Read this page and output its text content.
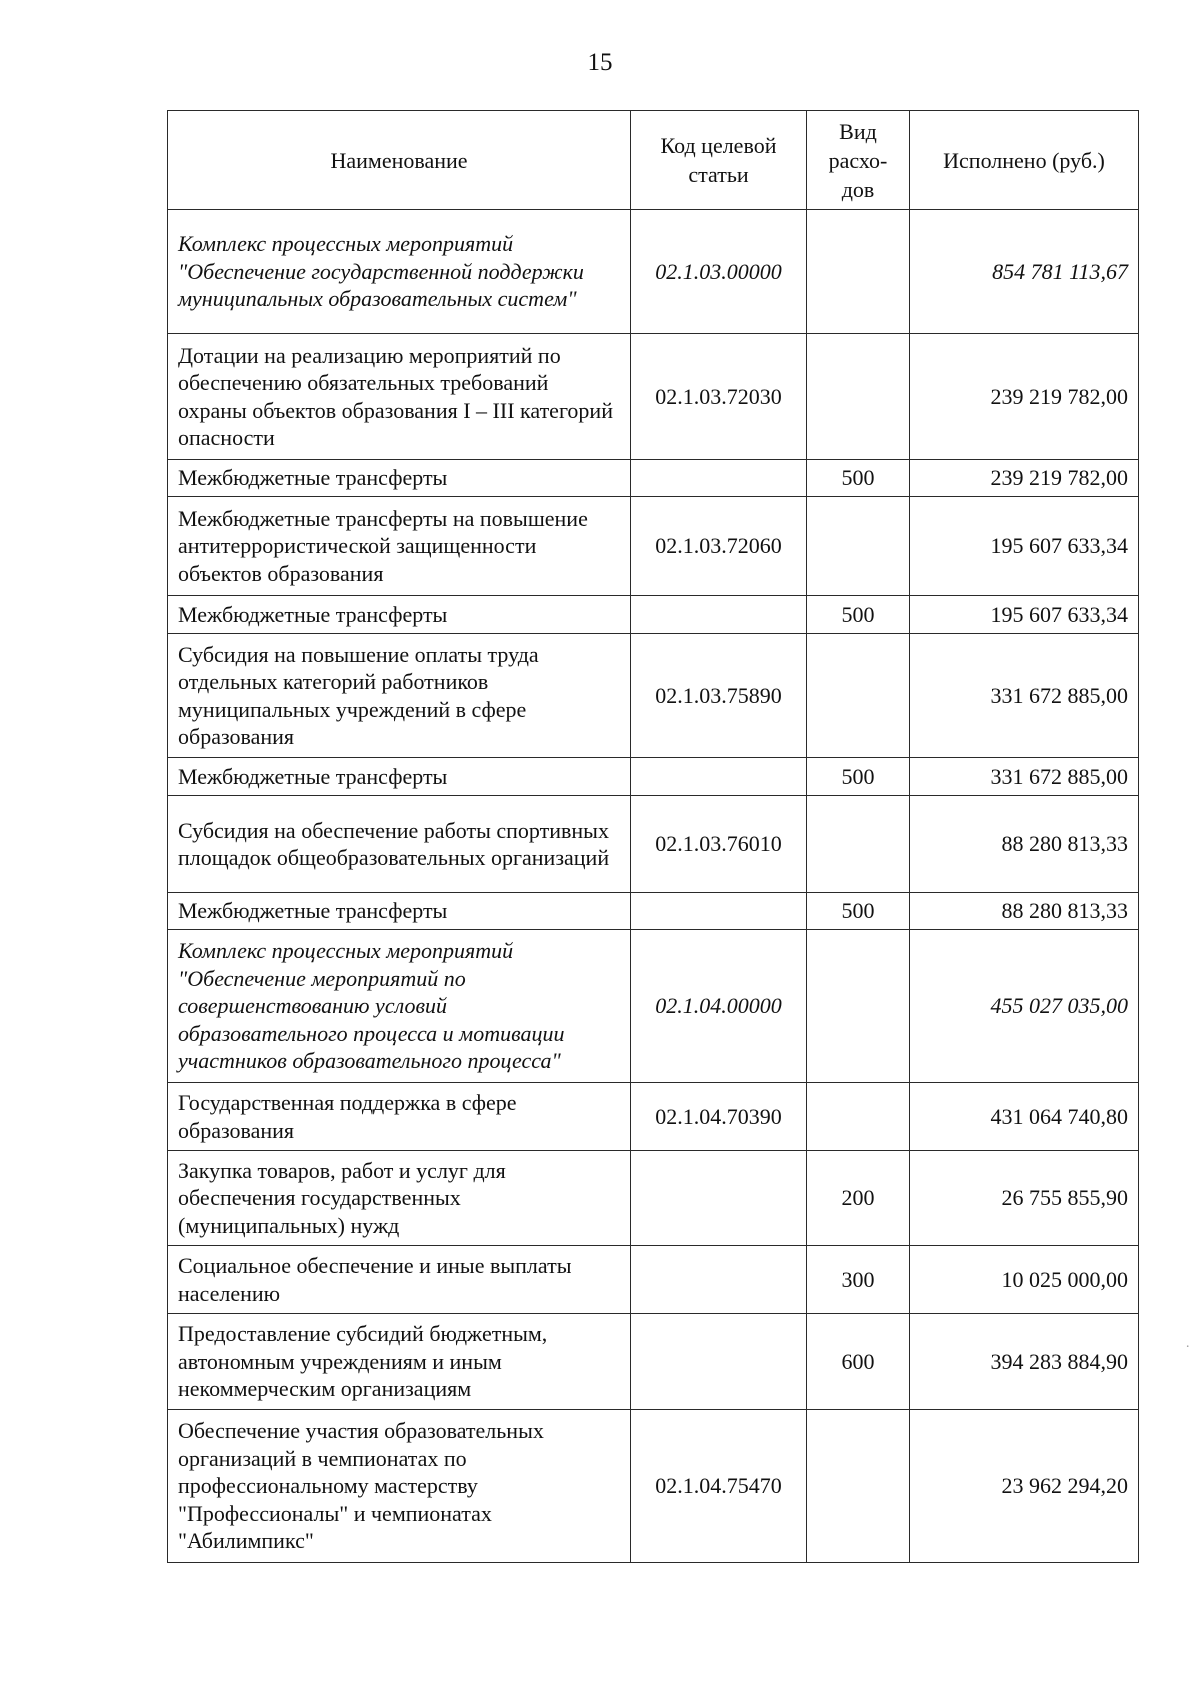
15
Наименование	Код целевой статьи	Вид расхо-дов	Исполнено (руб.)
Комплекс процессных мероприятий "Обеспечение государственной поддержки муниципальных образовательных систем"	02.1.03.00000		854 781 113,67
Дотации на реализацию мероприятий по обеспечению обязательных требований охраны объектов образования I – III категорий опасности	02.1.03.72030		239 219 782,00
Межбюджетные трансферты		500	239 219 782,00
Межбюджетные трансферты на повышение антитеррористической защищенности объектов образования	02.1.03.72060		195 607 633,34
Межбюджетные трансферты		500	195 607 633,34
Субсидия на повышение оплаты труда отдельных категорий работников муниципальных учреждений в сфере образования	02.1.03.75890		331 672 885,00
Межбюджетные трансферты		500	331 672 885,00
Субсидия на обеспечение работы спортивных площадок общеобразовательных организаций	02.1.03.76010		88 280 813,33
Межбюджетные трансферты		500	88 280 813,33
Комплекс процессных мероприятий "Обеспечение мероприятий по совершенствованию условий образовательного процесса и мотивации участников образовательного процесса"	02.1.04.00000		455 027 035,00
Государственная поддержка в сфере образования	02.1.04.70390		431 064 740,80
Закупка товаров, работ и услуг для обеспечения государственных (муниципальных) нужд		200	26 755 855,90
Социальное обеспечение и иные выплаты населению		300	10 025 000,00
Предоставление субсидий бюджетным, автономным учреждениям и иным некоммерческим организациям		600	394 283 884,90
Обеспечение участия образовательных организаций в чемпионатах по профессиональному мастерству "Профессионалы" и чемпионатах "Абилимпикс"	02.1.04.75470		23 962 294,20
·
